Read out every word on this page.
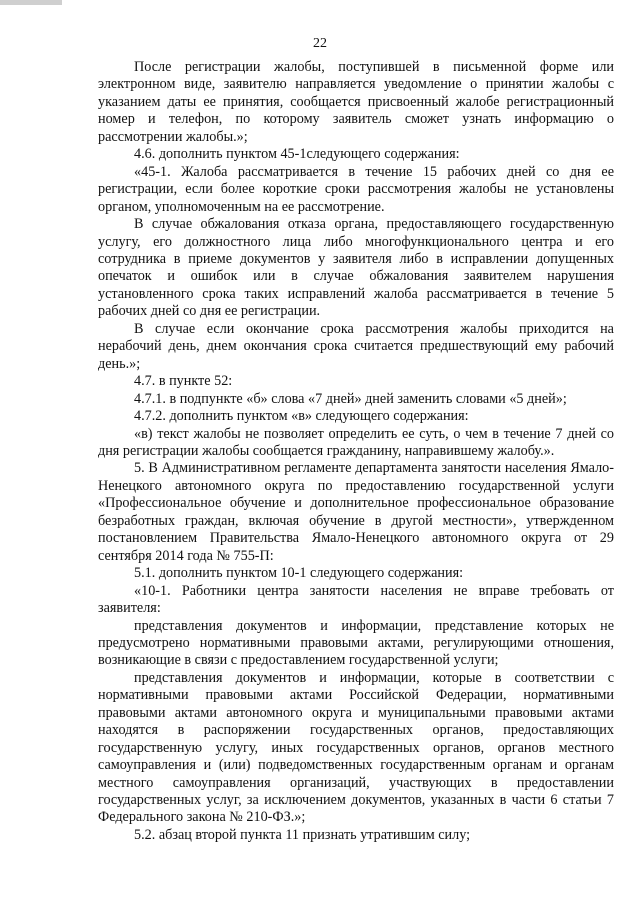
22

После регистрации жалобы, поступившей в письменной форме или электронном виде, заявителю направляется уведомление о принятии жалобы с указанием даты ее принятия, сообщается присвоенный жалобе регистрационный номер и телефон, по которому заявитель сможет узнать информацию о рассмотрении жалобы.»;

4.6. дополнить пунктом 45-1следующего содержания:

«45-1. Жалоба рассматривается в течение 15 рабочих дней со дня ее регистрации, если более короткие сроки рассмотрения жалобы не установлены органом, уполномоченным на ее рассмотрение.

В случае обжалования отказа органа, предоставляющего государственную услугу, его должностного лица либо многофункционального центра и его сотрудника в приеме документов у заявителя либо в исправлении допущенных опечаток и ошибок или в случае обжалования заявителем нарушения установленного срока таких исправлений жалоба рассматривается в течение 5 рабочих дней со дня ее регистрации.

В случае если окончание срока рассмотрения жалобы приходится на нерабочий день, днем окончания срока считается предшествующий ему рабочий день.»;

4.7. в пункте 52:

4.7.1. в подпункте «б» слова «7 дней» дней заменить словами «5 дней»;

4.7.2. дополнить пунктом «в» следующего содержания:

«в) текст жалобы не позволяет определить ее суть, о чем в течение 7 дней со дня регистрации жалобы сообщается гражданину, направившему жалобу.».

5. В Административном регламенте департамента занятости населения Ямало-Ненецкого автономного округа по предоставлению государственной услуги «Профессиональное обучение и дополнительное профессиональное образование безработных граждан, включая обучение в другой местности», утвержденном постановлением Правительства Ямало-Ненецкого автономного округа от 29 сентября 2014 года № 755-П:

5.1. дополнить пунктом 10-1 следующего содержания:

«10-1. Работники центра занятости населения не вправе требовать от заявителя:

представления документов и информации, представление которых не предусмотрено нормативными правовыми актами, регулирующими отношения, возникающие в связи с предоставлением государственной услуги;

представления документов и информации, которые в соответствии с нормативными правовыми актами Российской Федерации, нормативными правовыми актами автономного округа и муниципальными правовыми актами находятся в распоряжении государственных органов, предоставляющих государственную услугу, иных государственных органов, органов местного самоуправления и (или) подведомственных государственным органам и органам местного самоуправления организаций, участвующих в предоставлении государственных услуг, за исключением документов, указанных в части 6 статьи 7 Федерального закона № 210-ФЗ.»;

5.2. абзац второй пункта 11 признать утратившим силу;
